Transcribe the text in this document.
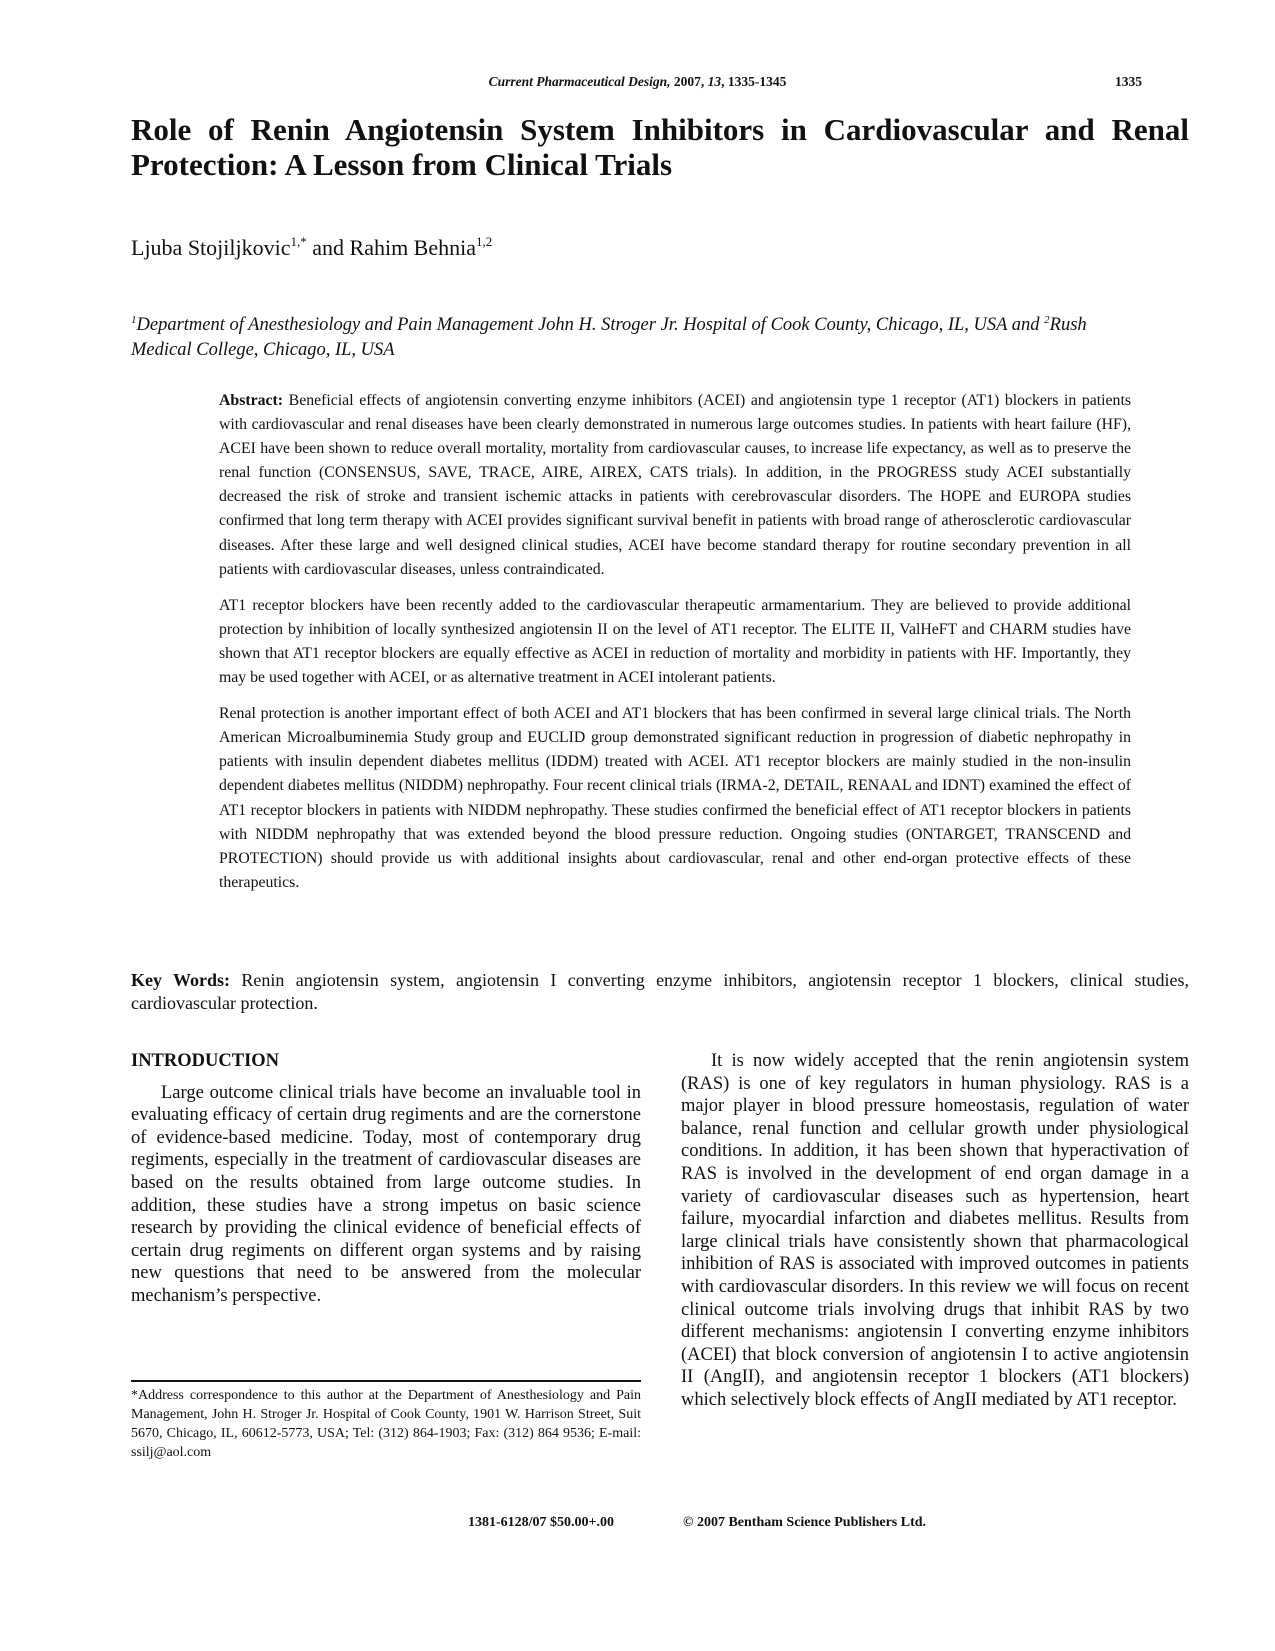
Current Pharmaceutical Design, 2007, 13, 1335-1345	1335
Role of Renin Angiotensin System Inhibitors in Cardiovascular and Renal Protection: A Lesson from Clinical Trials
Ljuba Stojiljkovic$^{1,*}$ and Rahim Behnia$^{1,2}$
$^1$Department of Anesthesiology and Pain Management John H. Stroger Jr. Hospital of Cook County, Chicago, IL, USA and $^2$Rush Medical College, Chicago, IL, USA

Abstract: Beneficial effects of angiotensin converting enzyme inhibitors (ACEI) and angiotensin type 1 receptor (AT1) blockers in patients with cardiovascular and renal diseases have been clearly demonstrated in numerous large outcomes studies. In patients with heart failure (HF), ACEI have been shown to reduce overall mortality, mortality from cardiovascular causes, to increase life expectancy, as well as to preserve the renal function (CONSENSUS, SAVE, TRACE, AIRE, AIREX, CATS trials). In addition, in the PROGRESS study ACEI substantially decreased the risk of stroke and transient ischemic attacks in patients with cerebrovascular disorders. The HOPE and EUROPA studies confirmed that long term therapy with ACEI provides significant survival benefit in patients with broad range of atherosclerotic cardiovascular diseases. After these large and well designed clinical studies, ACEI have become standard therapy for routine secondary prevention in all patients with cardiovascular diseases, unless contraindicated.

AT1 receptor blockers have been recently added to the cardiovascular therapeutic armamentarium. They are believed to provide additional protection by inhibition of locally synthesized angiotensin II on the level of AT1 receptor. The ELITE II, ValHeFT and CHARM studies have shown that AT1 receptor blockers are equally effective as ACEI in reduction of mortality and morbidity in patients with HF. Importantly, they may be used together with ACEI, or as alternative treatment in ACEI intolerant patients.

Renal protection is another important effect of both ACEI and AT1 blockers that has been confirmed in several large clinical trials. The North American Microalbuminemia Study group and EUCLID group demonstrated significant reduction in progression of diabetic nephropathy in patients with insulin dependent diabetes mellitus (IDDM) treated with ACEI. AT1 receptor blockers are mainly studied in the non-insulin dependent diabetes mellitus (NIDDM) nephropathy. Four recent clinical trials (IRMA-2, DETAIL, RENAAL and IDNT) examined the effect of AT1 receptor blockers in patients with NIDDM nephropathy. These studies confirmed the beneficial effect of AT1 receptor blockers in patients with NIDDM nephropathy that was extended beyond the blood pressure reduction. Ongoing studies (ONTARGET, TRANSCEND and PROTECTION) should provide us with additional insights about cardiovascular, renal and other end-organ protective effects of these therapeutics.

Key Words: Renin angiotensin system, angiotensin I converting enzyme inhibitors, angiotensin receptor 1 blockers, clinical studies, cardiovascular protection.
INTRODUCTION

Large outcome clinical trials have become an invaluable tool in evaluating efficacy of certain drug regiments and are the cornerstone of evidence-based medicine. Today, most of contemporary drug regiments, especially in the treatment of cardiovascular diseases are based on the results obtained from large outcome studies. In addition, these studies have a strong impetus on basic science research by providing the clinical evidence of beneficial effects of certain drug regiments on different organ systems and by raising new questions that need to be answered from the molecular mechanism’s perspective.

It is now widely accepted that the renin angiotensin system (RAS) is one of key regulators in human physiology. RAS is a major player in blood pressure homeostasis, regulation of water balance, renal function and cellular growth under physiological conditions. In addition, it has been shown that hyperactivation of RAS is involved in the development of end organ damage in a variety of cardiovascular diseases such as hypertension, heart failure, myocardial infarction and diabetes mellitus. Results from large clinical trials have consistently shown that pharmacological inhibition of RAS is associated with improved outcomes in patients with cardiovascular disorders. In this review we will focus on recent clinical outcome trials involving drugs that inhibit RAS by two different mechanisms: angiotensin I converting enzyme inhibitors (ACEI) that block conversion of angiotensin I to active angiotensin II (AngII), and angiotensin receptor 1 blockers (AT1 blockers) which selectively block effects of AngII mediated by AT1 receptor.

*Address correspondence to this author at the Department of Anesthesiology and Pain Management, John H. Stroger Jr. Hospital of Cook County, 1901 W. Harrison Street, Suit 5670, Chicago, IL, 60612-5773, USA; Tel: (312) 864-1903; Fax: (312) 864 9536; E-mail: ssilj@aol.com
1381-6128/07 $50.00+.00	© 2007 Bentham Science Publishers Ltd.
